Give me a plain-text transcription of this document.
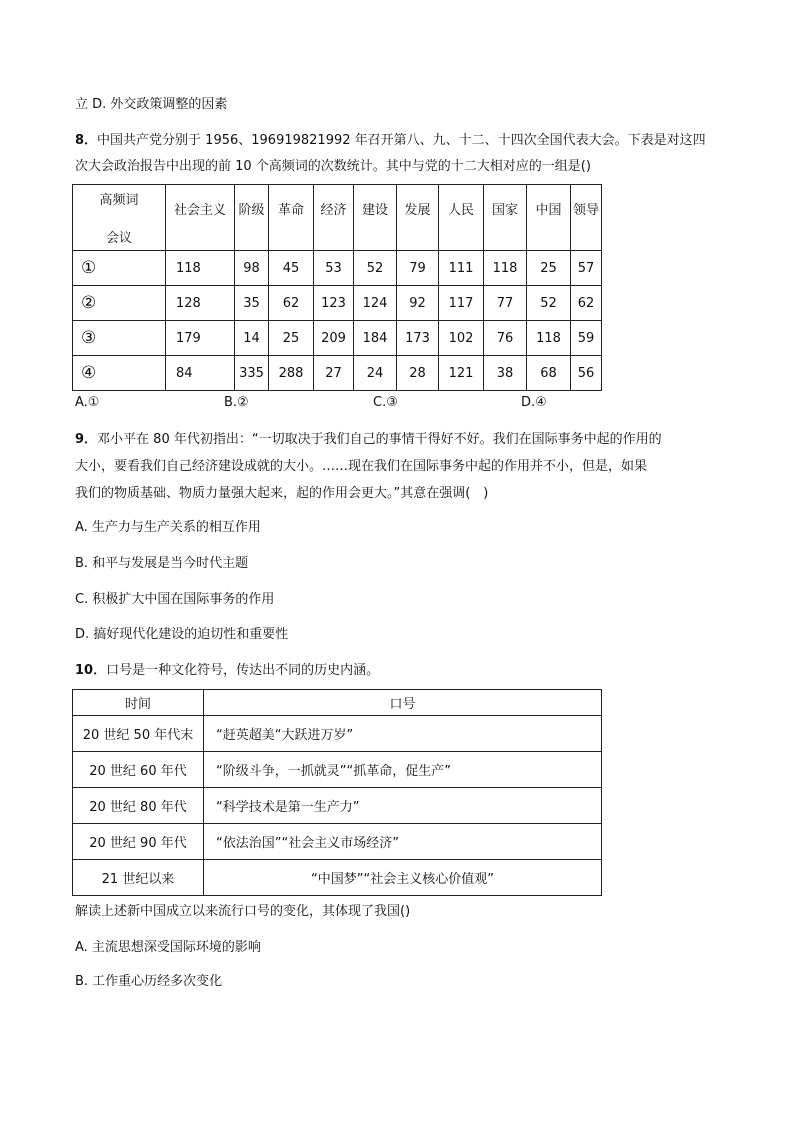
立 D. 外交政策调整的因素
8．中国共产党分别于 1956、196919821992 年召开第八、九、十二、十四次全国代表大会。下表是对这四
次大会政治报告中出现的前 10 个高频词的次数统计。其中与党的十二大相对应的一组是()
高频词
会议	社会主义	阶级	革命	经济	建设	发展	人民	国家	中国	领导
①	118	98	45	53	52	79	111	118	25	57
②	128	35	62	123	124	92	117	77	52	62
③	179	14	25	209	184	173	102	76	118	59
④	84	335	288	27	24	28	121	38	68	56
A.①	B.②	C.③	D.④
9．邓小平在 80 年代初指出：“一切取决于我们自己的事情干得好不好。我们在国际事务中起的作用的
大小，要看我们自己经济建设成就的大小。……现在我们在国际事务中起的作用并不小，但是，如果
我们的物质基础、物质力量强大起来，起的作用会更大。”其意在强调(　)
A. 生产力与生产关系的相互作用
B. 和平与发展是当今时代主题
C. 积极扩大中国在国际事务的作用
D. 搞好现代化建设的迫切性和重要性
10．口号是一种文化符号，传达出不同的历史内涵。
时间	口号
20 世纪 50 年代末	“赶英超美“大跃进万岁”
20 世纪 60 年代	“阶级斗争，一抓就灵”“抓革命，促生产”
20 世纪 80 年代	“科学技术是第一生产力”
20 世纪 90 年代	“依法治国”“社会主义市场经济”
21 世纪以来	“中国梦”“社会主义核心价值观”
解读上述新中国成立以来流行口号的变化，其体现了我国()
A. 主流思想深受国际环境的影响
B. 工作重心历经多次变化
